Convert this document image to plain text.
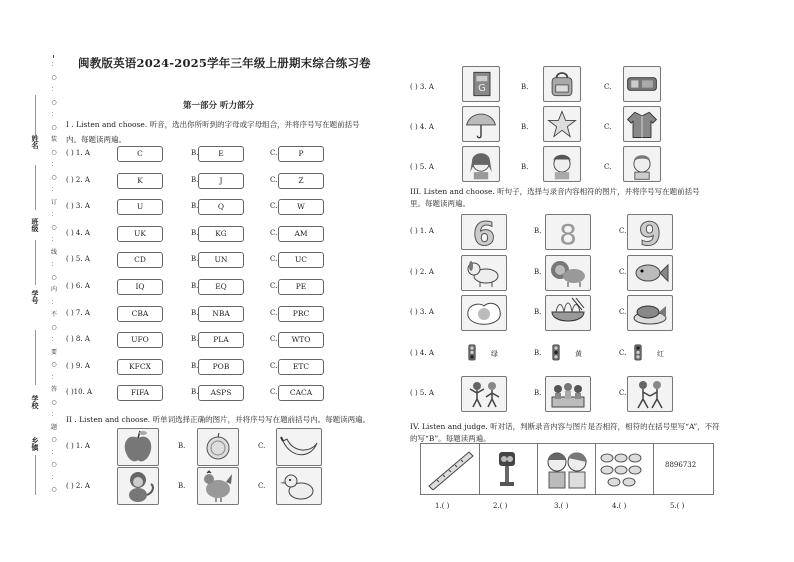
闽教版英语2024-2025学年三年级上册期末综合练习卷
：
○
：
○
：
○
装
○
：
○
：
订
：
○
：
线
：
○
内
：
不
○
：
要
○
：
答
○
：
题
○
：
○
：
○
姓名
班级
学号
学校
乡镇
第一部分 听力部分
I . Listen and choose. 听音，选出你所听到的字母或字母组合，并将序号写在题前括号内。每题读两遍。
( ) 1. A	C	B.	E	C.	P
( ) 2. A	K	B.	J	C.	Z
( ) 3. A	U	B.	Q	C.	W
( ) 4. A	UK	B.	KG	C.	AM
( ) 5. A	CD	B.	UN	C.	UC
( ) 6. A	IQ	B.	EQ	C.	PE
( ) 7. A	CBA	B.	NBA	C.	PRC
( ) 8. A	UFO	B.	PLA	C.	WTO
( ) 9. A	KFCX	B.	POB	C.	ETC
( )10. A	FIFA	B.	ASPS	C.	CACA
II . Listen and choose. 听单词选择正确的图片，并将序号写在题前括号内。每题读两遍。
( ) 1. A	B.	C.
( ) 2. A	B.	C.
( ) 3. A	G	B.	C.
( ) 4. A	B.	C.
( ) 5. A	B.	C.
III. Listen and choose. 听句子，选择与录音内容相符的图片，并将序号写在题前括号里。每题读两遍。
( ) 1. A 6	B. 8	C. 9
( ) 2. A	B.	C.
( ) 3. A	B.	C.
( ) 4. A	绿	B.	黄	C.	红
( ) 5. A	B.	C.
IV. Listen and judge. 听对话，判断录音内容与图片是否相符，相符的在括号里写“A”，不符的写“B”。每题读两遍。
8896732
1.( )	2.( )	3.( )	4.( )	5.( )
